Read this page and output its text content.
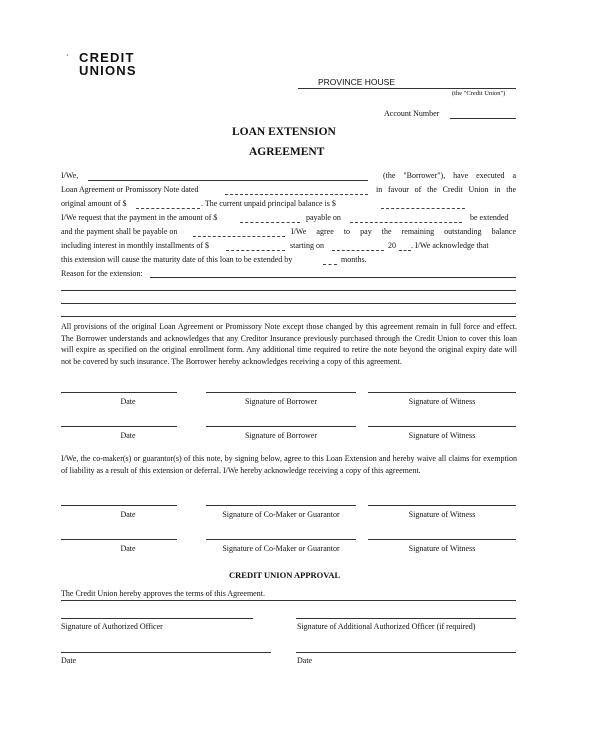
´ CREDIT
UNIONS
PROVINCE HOUSE
(the "Credit Union")
Account Number
LOAN EXTENSION
AGREEMENT
I/We,	(the "Borrower"), have executed a
Loan Agreement or Promissory Note dated	in favour of the Credit Union in the
original amount of $	. The current unpaid principal balance is $
I/We request that the payment in the amount of $	payable on	be extended
and the payment shall be payable on	I/We agree to pay the remaining outstanding balance
including interest in monthly installments of $	starting on	20 . I/We acknowledge that
this extension will cause the maturity date of this loan to be extended by	months.
Reason for the extension:
All provisions of the original Loan Agreement or Promissory Note except those changed by this agreement remain in full force and effect. The Borrower understands and acknowledges that any Creditor Insurance previously purchased through the Credit Union to cover this loan will expire as specified on the original enrollment form. Any additional time required to retire the note beyond the original expiry date will not be covered by such insurance. The Borrower hereby acknowledges receiving a copy of this agreement.
Date	Signature of Borrower	Signature of Witness
Date	Signature of Borrower	Signature of Witness
I/We, the co-maker(s) or guarantor(s) of this note, by signing below, agree to this Loan Extension and hereby waive all claims for exemption of liability as a result of this extension or deferral. I/We hereby acknowledge receiving a copy of this agreement.
Date	Signature of Co-Maker or Guarantor	Signature of Witness
Date	Signature of Co-Maker or Guarantor	Signature of Witness
CREDIT UNION APPROVAL
The Credit Union hereby approves the terms of this Agreement.
Signature of Authorized Officer	Signature of Additional Authorized Officer (if required)
Date	Date
